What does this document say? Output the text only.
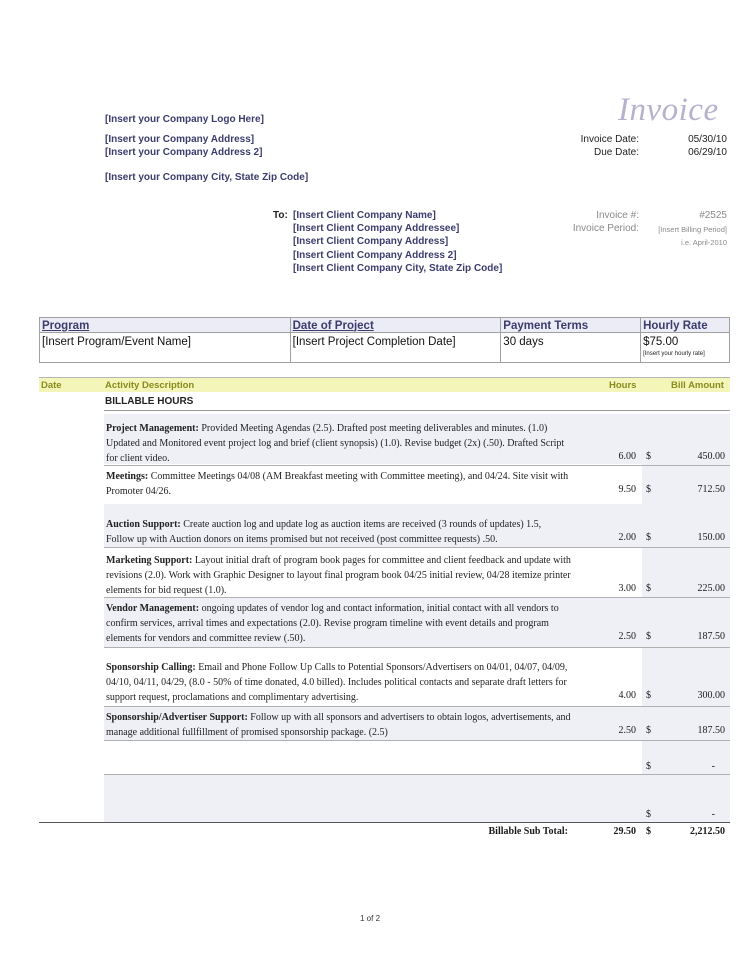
[Insert your Company Logo Here]
[Insert your Company Address]
[Insert your Company Address 2]
[Insert your Company City, State Zip Code]
Invoice
Invoice Date:	05/30/10
Due Date:	06/29/10
To: [Insert Client Company Name]
[Insert Client Company Addressee]
[Insert Client Company Address]
[Insert Client Company Address 2]
[Insert Client Company City, State Zip Code]
Invoice #:	#2525
Invoice Period:	[Insert Billing Period]
i.e. April-2010
Program	Date of Project	Payment Terms	Hourly Rate
[Insert Program/Event Name]	[Insert Project Completion Date]	30 days	$75.00
[Insert your hourly rate]
Date	Activity Description	Hours	Bill Amount
BILLABLE HOURS
Project Management: Provided Meeting Agendas (2.5). Drafted post meeting deliverables and minutes. (1.0) Updated and Monitored event project log and brief (client synopsis) (1.0). Revise budget (2x) (.50). Drafted Script for client video.	6.00 $	450.00
Meetings: Committee Meetings 04/08 (AM Breakfast meeting with Committee meeting), and 04/24. Site visit with Promoter 04/26.	9.50 $	712.50
Auction Support: Create auction log and update log as auction items are received (3 rounds of updates) 1.5, Follow up with Auction donors on items promised but not received (post committee requests) .50.	2.00 $	150.00
Marketing Support: Layout initial draft of program book pages for committee and client feedback and update with revisions (2.0). Work with Graphic Designer to layout final program book 04/25 initial review, 04/28 itemize printer elements for bid request (1.0).	3.00 $	225.00
Vendor Management: ongoing updates of vendor log and contact information, initial contact with all vendors to confirm services, arrival times and expectations (2.0). Revise program timeline with event details and program elements for vendors and committee review (.50).	2.50 $	187.50
Sponsorship Calling: Email and Phone Follow Up Calls to Potential Sponsors/Advertisers on 04/01, 04/07, 04/09, 04/10, 04/11, 04/29, (8.0 - 50% of time donated, 4.0 billed). Includes political contacts and separate draft letters for support request, proclamations and complimentary advertising.	4.00 $	300.00
Sponsorship/Advertiser Support: Follow up with all sponsors and advertisers to obtain logos, advertisements, and manage additional fullfillment of promised sponsorship package. (2.5)	2.50 $	187.50
$	-
$	-
Billable Sub Total:	29.50 $	2,212.50
1 of 2
